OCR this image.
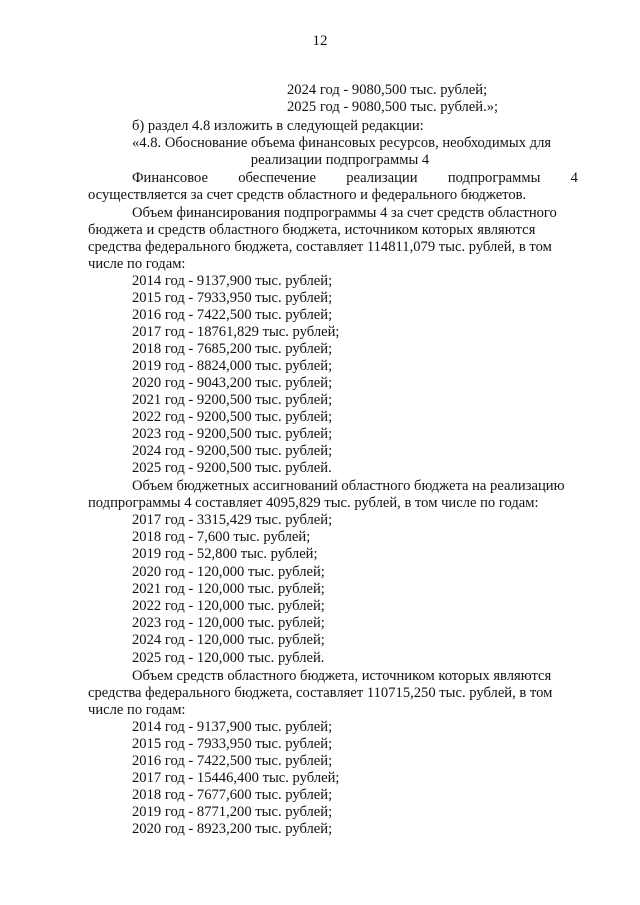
12
2024 год - 9080,500 тыс. рублей;
2025 год - 9080,500 тыс. рублей.»;
б) раздел 4.8 изложить в следующей редакции:
«4.8. Обоснование объема финансовых ресурсов, необходимых для
реализации подпрограммы 4
Финансовое обеспечение реализации подпрограммы 4
осуществляется за счет средств областного и федерального бюджетов.
Объем финансирования подпрограммы 4 за счет средств областного
бюджета и средств областного бюджета, источником которых являются
средства федерального бюджета, составляет 114811,079 тыс. рублей, в том
числе по годам:
2014 год - 9137,900 тыс. рублей;
2015 год - 7933,950 тыс. рублей;
2016 год - 7422,500 тыс. рублей;
2017 год - 18761,829 тыс. рублей;
2018 год - 7685,200 тыс. рублей;
2019 год - 8824,000 тыс. рублей;
2020 год - 9043,200 тыс. рублей;
2021 год - 9200,500 тыс. рублей;
2022 год - 9200,500 тыс. рублей;
2023 год - 9200,500 тыс. рублей;
2024 год - 9200,500 тыс. рублей;
2025 год - 9200,500 тыс. рублей.
Объем бюджетных ассигнований областного бюджета на реализацию
подпрограммы 4 составляет 4095,829 тыс. рублей, в том числе по годам:
2017 год - 3315,429 тыс. рублей;
2018 год - 7,600 тыс. рублей;
2019 год - 52,800 тыс. рублей;
2020 год - 120,000 тыс. рублей;
2021 год - 120,000 тыс. рублей;
2022 год - 120,000 тыс. рублей;
2023 год - 120,000 тыс. рублей;
2024 год - 120,000 тыс. рублей;
2025 год - 120,000 тыс. рублей.
Объем средств областного бюджета, источником которых являются
средства федерального бюджета, составляет 110715,250 тыс. рублей, в том
числе по годам:
2014 год - 9137,900 тыс. рублей;
2015 год - 7933,950 тыс. рублей;
2016 год - 7422,500 тыс. рублей;
2017 год - 15446,400 тыс. рублей;
2018 год - 7677,600 тыс. рублей;
2019 год - 8771,200 тыс. рублей;
2020 год - 8923,200 тыс. рублей;
